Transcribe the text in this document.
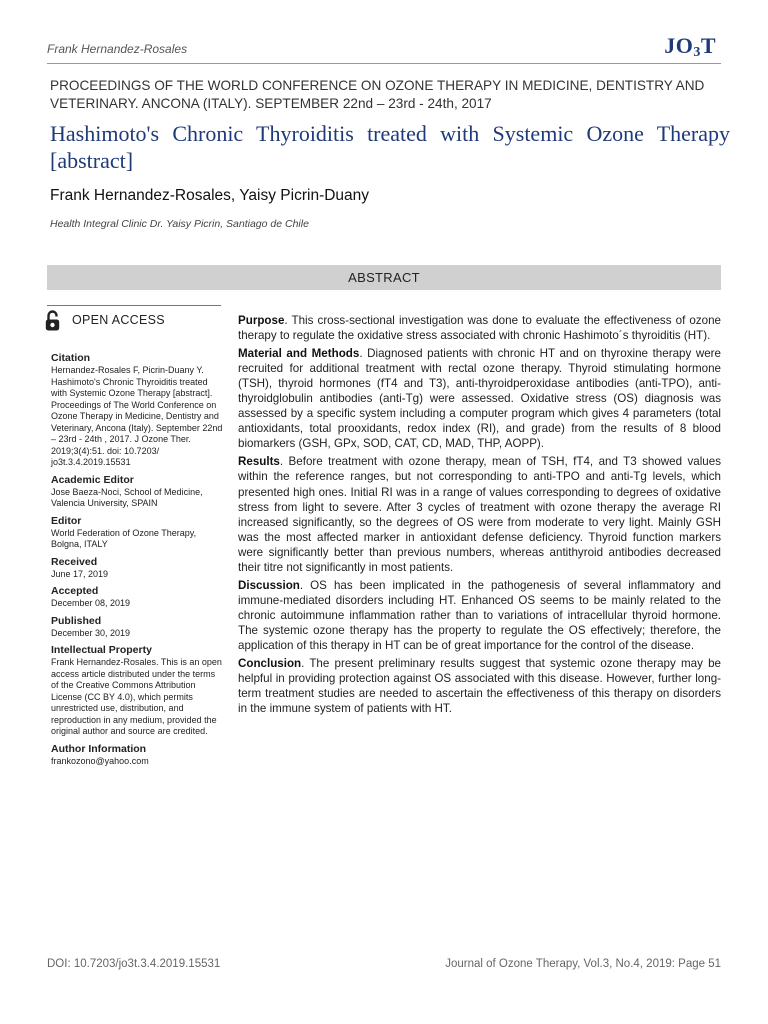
Frank Hernandez-Rosales	$JO_3T$
PROCEEDINGS OF THE WORLD CONFERENCE ON OZONE THERAPY IN MEDICINE, DENTISTRY AND VETERINARY. ANCONA (ITALY). SEPTEMBER 22nd – 23rd - 24th, 2017
Hashimoto's Chronic Thyroiditis treated with Systemic Ozone Therapy [abstract]
Frank Hernandez-Rosales, Yaisy Picrin-Duany
Health Integral Clinic Dr. Yaisy Picrin, Santiago de Chile
ABSTRACT
OPEN ACCESS
Citation
Hernandez-Rosales F, Picrin-Duany Y. Hashimoto's Chronic Thyroiditis treated with Systemic Ozone Therapy [abstract]. Proceedings of The World Conference on Ozone Therapy in Medicine, Dentistry and Veterinary, Ancona (Italy). September 22nd – 23rd - 24th , 2017. J Ozone Ther. 2019;3(4):51. doi: 10.7203/ jo3t.3.4.2019.15531
Academic Editor
Jose Baeza-Noci, School of Medicine, Valencia University, SPAIN
Editor
World Federation of Ozone Therapy, Bolgna, ITALY
Received
June 17, 2019
Accepted
December 08, 2019
Published
December 30, 2019
Intellectual Property
Frank Hernandez-Rosales. This is an open access article distributed under the terms of the Creative Commons Attribution License (CC BY 4.0), which permits unrestricted use, distribution, and reproduction in any medium, provided the original author and source are credited.
Author Information
frankozono@yahoo.com

Purpose. This cross-sectional investigation was done to evaluate the effectiveness of ozone therapy to regulate the oxidative stress associated with chronic Hashimoto´s thyroiditis (HT).

Material and Methods. Diagnosed patients with chronic HT and on thyroxine therapy were recruited for additional treatment with rectal ozone therapy. Thyroid stimulating hormone (TSH), thyroid hormones (fT4 and T3), anti-thyroidperoxidase antibodies (anti-TPO), anti-thyroidglobulin antibodies (anti-Tg) were assessed. Oxidative stress (OS) diagnosis was assessed by a specific system including a computer program which gives 4 parameters (total antioxidants, total prooxidants, redox index (RI), and grade) from the results of 8 blood biomarkers (GSH, GPx, SOD, CAT, CD, MAD, THP, AOPP).

Results. Before treatment with ozone therapy, mean of TSH, fT4, and T3 showed values within the reference ranges, but not corresponding to anti-TPO and anti-Tg levels, which presented high ones. Initial RI was in a range of values corresponding to degrees of oxidative stress from light to severe. After 3 cycles of treatment with ozone therapy the average RI increased significantly, so the degrees of OS were from moderate to very light. Mainly GSH was the most affected marker in antioxidant defense deficiency. Thyroid function markers were significantly better than previous numbers, whereas antithyroid antibodies decreased their titre not significantly in most patients.

Discussion. OS has been implicated in the pathogenesis of several inflammatory and immune-mediated disorders including HT. Enhanced OS seems to be mainly related to the chronic autoimmune inflammation rather than to variations of intracellular thyroid hormone. The systemic ozone therapy has the property to regulate the OS effectively; therefore, the application of this therapy in HT can be of great importance for the control of the disease.

Conclusion. The present preliminary results suggest that systemic ozone therapy may be helpful in providing protection against OS associated with this disease. However, further long-term treatment studies are needed to ascertain the effectiveness of this therapy on disorders in the immune system of patients with HT.

DOI: 10.7203/jo3t.3.4.2019.15531	Journal of Ozone Therapy, Vol.3, No.4, 2019: Page 51
